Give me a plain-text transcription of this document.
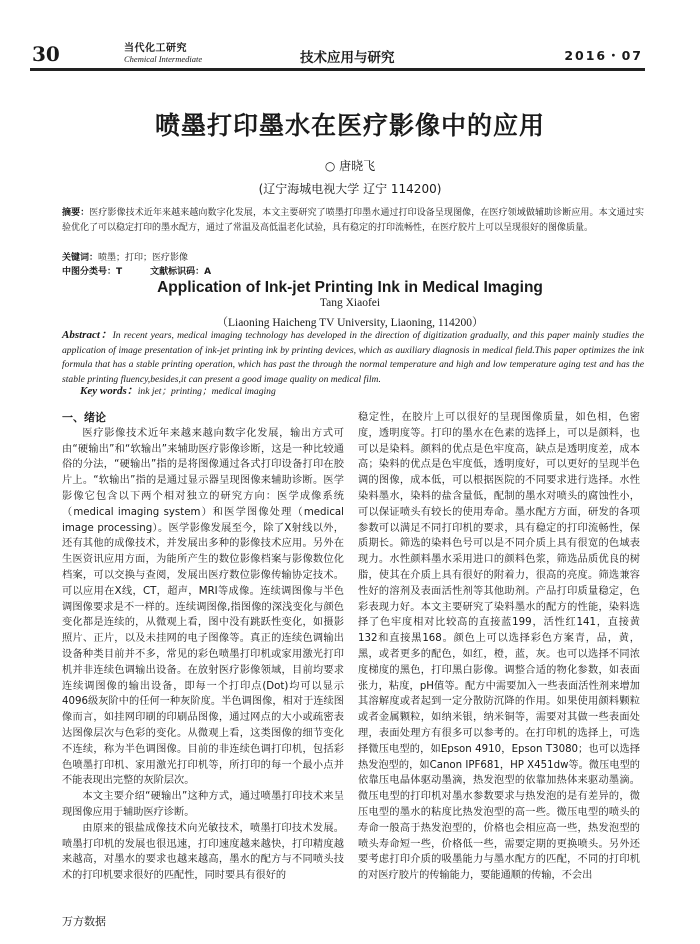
30	当代化工研究
Chemical Intermediate	技术应用与研究	2016・07
喷墨打印墨水在医疗影像中的应用
○ 唐晓飞
(辽宁海城电视大学 辽宁 114200)
摘要：医疗影像技术近年来越来越向数字化发展，本文主要研究了喷墨打印墨水通过打印设备呈现图像，在医疗领域做辅助诊断应用。本文通过实验优化了可以稳定打印的墨水配方，通过了常温及高低温老化试验，具有稳定的打印流畅性，在医疗胶片上可以呈现很好的图像质量。
关键词：喷墨；打印；医疗影像
中图分类号：T	文献标识码：A
Application of Ink-jet Printing Ink in Medical Imaging
Tang Xiaofei
（Liaoning Haicheng TV University, Liaoning, 114200）
Abstract：In recent years, medical imaging technology has developed in the direction of digitization gradually, and this paper mainly studies the application of image presentation of ink-jet printing ink by printing devices, which as auxiliary diagnosis in medical field.This paper optimizes the ink formula that has a stable printing operation, which has past the through the normal temperature and high and low temperature aging test and has the stable printing fluency,besides,it can present a good image quality on medical film.
Key words：ink jet；printing；medical imaging
一、绪论

医疗影像技术近年来越来越向数字化发展，输出方式可由“硬输出”和“软输出”来辅助医疗影像诊断，这是一种比较通俗的分法，“硬输出”指的是将图像通过各式打印设备打印在胶片上。“软输出”指的是通过显示器呈现图像来辅助诊断。医学影像它包含以下两个相对独立的研究方向：医学成像系统（medical imaging system）和医学图像处理（medical image processing）。医学影像发展至今，除了X射线以外，还有其他的成像技术，并发展出多种的影像技术应用。另外在生医资讯应用方面，为能所产生的数位影像档案与影像数位化档案，可以交换与查阅，发展出医疗数位影像传输协定技术。可以应用在X线，CT，超声，MRI等成像。连续调图像与半色调图像要求是不一样的。连续调图像,指图像的深浅变化与颜色变化都是连续的，从微观上看，图中没有跳跃性变化，如摄影照片、正片，以及未挂网的电子图像等。真正的连续色调输出设备种类目前并不多，常见的彩色喷墨打印机或家用激光打印机并非连续色调输出设备。在放射医疗影像领域，目前均要求连续调图像的输出设备，即每一个打印点(Dot)均可以显示4096级灰阶中的任何一种灰阶度。半色调图像，相对于连续图像而言，如挂网印刷的印刷品图像，通过网点的大小或疏密表达图像层次与色彩的变化。从微观上看，这类图像的细节变化不连续，称为半色调图像。目前的非连续色调打印机，包括彩色喷墨打印机、家用激光打印机等，所打印的每一个最小点并不能表现出完整的灰阶层次。

本文主要介绍“硬输出”这种方式，通过喷墨打印技术来呈现图像应用于辅助医疗诊断。

由原来的银盐成像技术向光敏技术，喷墨打印技术发展。喷墨打印机的发展也很迅速，打印速度越来越快，打印精度越来越高，对墨水的要求也越来越高，墨水的配方与不同喷头技术的打印机要求很好的匹配性，同时要具有很好的

稳定性，在胶片上可以很好的呈现图像质量，如色相，色密度，透明度等。打印的墨水在色素的选择上，可以是颜料，也可以是染料。颜料的优点是色牢度高，缺点是透明度差，成本高；染料的优点是色牢度低，透明度好，可以更好的呈现半色调的图像，成本低，可以根据医院的不同要求进行选择。水性染料墨水，染料的盐含量低，配制的墨水对喷头的腐蚀性小，可以保证喷头有较长的使用寿命。墨水配方方面，研发的各项参数可以满足不同打印机的要求，具有稳定的打印流畅性，保质期长。筛选的染料色号可以是不同介质上具有很宽的色域表现力。水性颜料墨水采用进口的颜料色浆，筛选品质优良的树脂，使其在介质上具有很好的附着力，很高的亮度。筛选兼容性好的溶剂及表面活性剂等其他助剂。产品打印质量稳定，色彩表现力好。本文主要研究了染料墨水的配方的性能，染料选择了色牢度相对比较高的直接蓝199，活性红141，直接黄132和直接黑168。颜色上可以选择彩色方案青，品，黄，黑，或者更多的配色，如红，橙，蓝，灰。也可以选择不同浓度梯度的黑色，打印黑白影像。调整合适的物化参数，如表面张力，粘度，pH值等。配方中需要加入一些表面活性剂来增加其溶解度或者起到一定分散防沉降的作用。如果使用颜料颗粒或者金属颗粒，如纳米银，纳米铜等，需要对其做一些表面处理，表面处理方有很多可以参考的。在打印机的选择上，可选择微压电型的，如Epson 4910，Epson T3080；也可以选择热发泡型的，如Canon IPF681，HP X451dw等。微压电型的依靠压电晶体驱动墨滴，热发泡型的依靠加热体来驱动墨滴。微压电型的打印机对墨水参数要求与热发泡的是有差异的，微压电型的墨水的粘度比热发泡型的高一些。微压电型的喷头的寿命一般高于热发泡型的，价格也会相应高一些，热发泡型的喷头寿命短一些，价格低一些，需要定期的更换喷头。另外还要考虑打印介质的吸墨能力与墨水配方的匹配，不同的打印机的对医疗胶片的传输能力，要能通顺的传输，不会出

万方数据
